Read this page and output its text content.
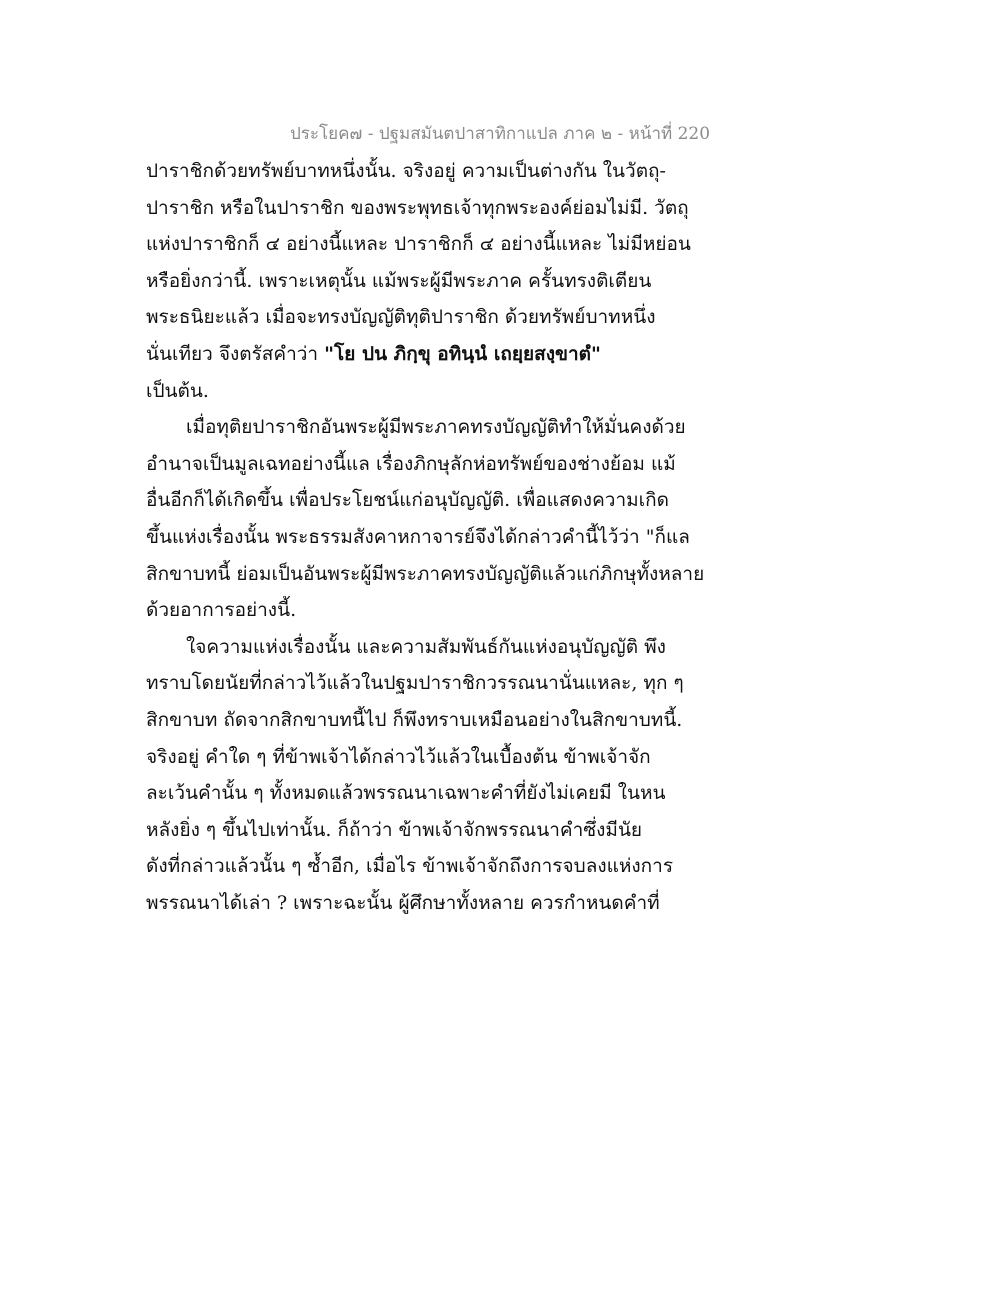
ประโยค๗ - ปฐมสมันตปาสาทิกาแปล ภาค ๒ - หน้าที่ 220
ปาราชิกด้วยทรัพย์บาทหนึ่งนั้น. จริงอยู่ ความเป็นต่างกัน ในวัตถุ-
ปาราชิก หรือในปาราชิก ของพระพุทธเจ้าทุกพระองค์ย่อมไม่มี. วัตถุ
แห่งปาราชิกก็ ๔ อย่างนี้แหละ ปาราชิกก็ ๔ อย่างนี้แหละ ไม่มีหย่อน
หรือยิ่งกว่านี้. เพราะเหตุนั้น แม้พระผู้มีพระภาค ครั้นทรงติเตียน
พระธนิยะแล้ว เมื่อจะทรงบัญญัติทุติปาราชิก ด้วยทรัพย์บาทหนึ่ง
นั่นเทียว จึงตรัสคำว่า "โย ปน ภิกฺขุ อทินฺนํ เถยฺยสงฺขาตํ"
เป็นต้น.
เมื่อทุติยปาราชิกอันพระผู้มีพระภาคทรงบัญญัติทำให้มั่นคงด้วย
อำนาจเป็นมูลเฉทอย่างนี้แล เรื่องภิกษุลักห่อทรัพย์ของช่างย้อม แม้
อื่นอีกก็ได้เกิดขึ้น เพื่อประโยชน์แก่อนุบัญญัติ. เพื่อแสดงความเกิด
ขึ้นแห่งเรื่องนั้น พระธรรมสังคาหกาจารย์จึงได้กล่าวคำนี้ไว้ว่า "ก็แล
สิกขาบทนี้ ย่อมเป็นอันพระผู้มีพระภาคทรงบัญญัติแล้วแก่ภิกษุทั้งหลาย
ด้วยอาการอย่างนี้.
ใจความแห่งเรื่องนั้น และความสัมพันธ์กันแห่งอนุบัญญัติ พึง
ทราบโดยนัยที่กล่าวไว้แล้วในปฐมปาราชิกวรรณนานั่นแหละ, ทุก ๆ
สิกขาบท ถัดจากสิกขาบทนี้ไป ก็พึงทราบเหมือนอย่างในสิกขาบทนี้.
จริงอยู่ คำใด ๆ ที่ข้าพเจ้าได้กล่าวไว้แล้วในเบื้องต้น ข้าพเจ้าจัก
ละเว้นคำนั้น ๆ ทั้งหมดแล้วพรรณนาเฉพาะคำที่ยังไม่เคยมี ในหน
หลังยิ่ง ๆ ขึ้นไปเท่านั้น. ก็ถ้าว่า ข้าพเจ้าจักพรรณนาคำซึ่งมีนัย
ดังที่กล่าวแล้วนั้น ๆ ซ้ำอีก, เมื่อไร ข้าพเจ้าจักถึงการจบลงแห่งการ
พรรณนาได้เล่า ? เพราะฉะนั้น ผู้ศึกษาทั้งหลาย ควรกำหนดคำที่
